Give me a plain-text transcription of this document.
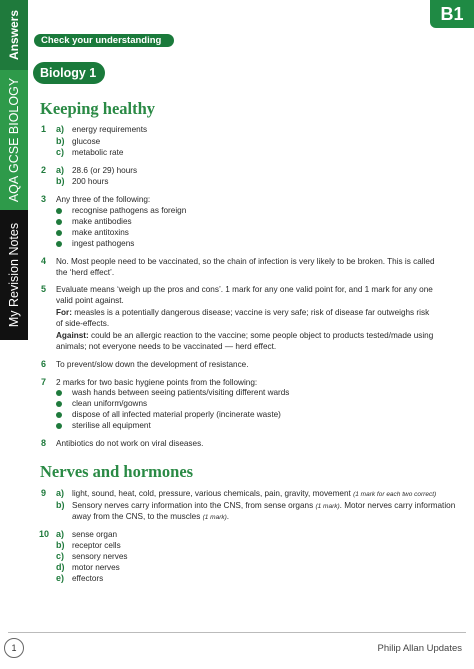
Answers
AQA GCSE BIOLOGY
My Revision Notes
B1
Check your understanding
Biology 1
Keeping healthy
1 a) energy requirements
b) glucose
c) metabolic rate
2 a) 28.6 (or 29) hours
b) 200 hours
3 Any three of the following:
recognise pathogens as foreign
make antibodies
make antitoxins
ingest pathogens
4 No. Most people need to be vaccinated, so the chain of infection is very likely to be broken. This is called the ‘herd effect’.
5 Evaluate means ‘weigh up the pros and cons’. 1 mark for any one valid point for, and 1 mark for any one valid point against.
For: measles is a potentially dangerous disease; vaccine is very safe; risk of disease far outweighs risk of side-effects.
Against: could be an allergic reaction to the vaccine; some people object to products tested/made using animals; not everyone needs to be vaccinated — herd effect.
6 To prevent/slow down the development of resistance.
7 2 marks for two basic hygiene points from the following:
wash hands between seeing patients/visiting different wards
clean uniform/gowns
dispose of all infected material properly (incinerate waste)
sterilise all equipment
8 Antibiotics do not work on viral diseases.
Nerves and hormones
9 a) light, sound, heat, cold, pressure, various chemicals, pain, gravity, movement (1 mark for each two correct)
b) Sensory nerves carry information into the CNS, from sense organs (1 mark). Motor nerves carry information
away from the CNS, to the muscles (1 mark).
10 a) sense organ
b) receptor cells
c) sensory nerves
d) motor nerves
e) effectors
1	Philip Allan Updates
